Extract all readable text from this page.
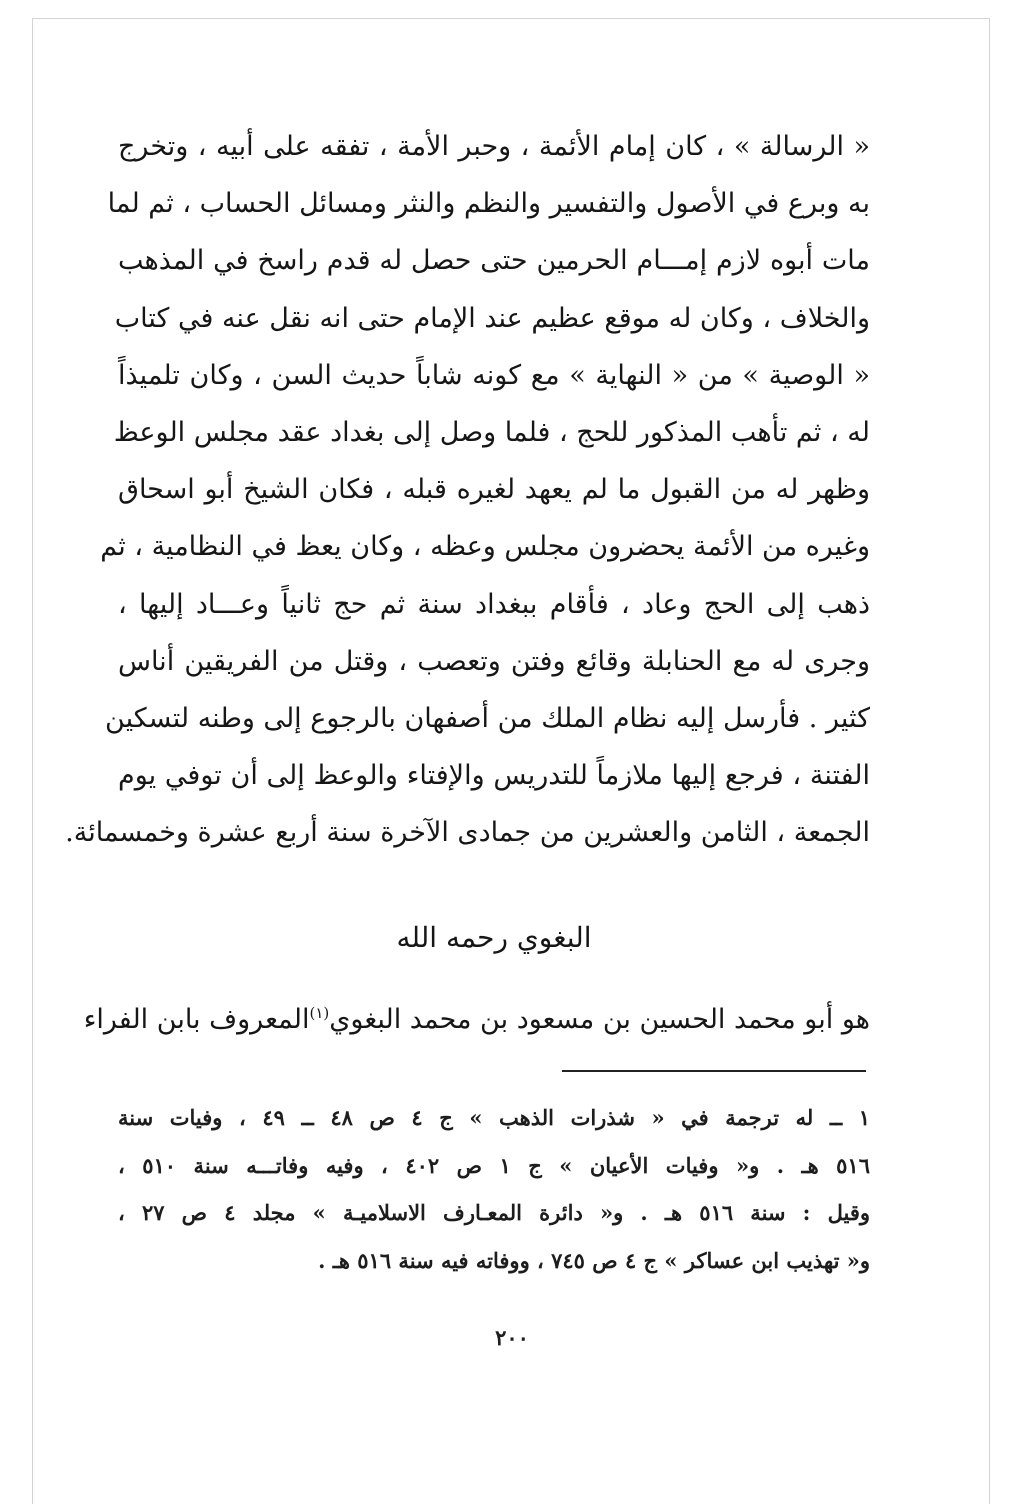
« الرسالة » ، كان إمام الأئمة ، وحبر الأمة ، تفقه على أبيه ، وتخرج
به وبرع في الأصول والتفسير والنظم والنثر ومسائل الحساب ، ثم لما
مات أبوه لازم إمـــام الحرمين حتى حصل له قدم راسخ في المذهب
والخلاف ، وكان له موقع عظيم عند الإمام حتى انه نقل عنه في كتاب
« الوصية » من « النهاية » مع كونه شاباً حديث السن ، وكان تلميذاً
له ، ثم تأهب المذكور للحج ، فلما وصل إلى بغداد عقد مجلس الوعظ
وظهر له من القبول ما لم يعهد لغيره قبله ، فكان الشيخ أبو اسحاق
وغيره من الأئمة يحضرون مجلس وعظه ، وكان يعظ في النظامية ، ثم
ذهب إلى الحج وعاد ، فأقام ببغداد سنة ثم حج ثانياً وعـــاد إليها ،
وجرى له مع الحنابلة وقائع وفتن وتعصب ، وقتل من الفريقين أناس
كثير . فأرسل إليه نظام الملك من أصفهان بالرجوع إلى وطنه لتسكين
الفتنة ، فرجع إليها ملازماً للتدريس والإفتاء والوعظ إلى أن توفي يوم
الجمعة ، الثامن والعشرين من جمادى الآخرة سنة أربع عشرة وخمسمائة.
البغوي رحمه الله
هو أبو محمد الحسين بن مسعود بن محمد البغوي$^{(١)}$المعروف بابن الفراء
١ ــ له ترجمة في « شذرات الذهب » ج ٤ ص ٤٨ ــ ٤٩ ، وفيات سنة
٥١٦ هـ . و« وفيات الأعيان » ج ١ ص ٤٠٢ ، وفيه وفاتـــه سنة ٥١٠ ،
وقيل : سنة ٥١٦ هـ . و« دائرة المعـارف الاسلاميـة » مجلد ٤ ص ٢٧ ،
و« تهذيب ابن عساكر » ج ٤ ص ٧٤٥ ، ووفاته فيه سنة ٥١٦ هـ .
٢٠٠
